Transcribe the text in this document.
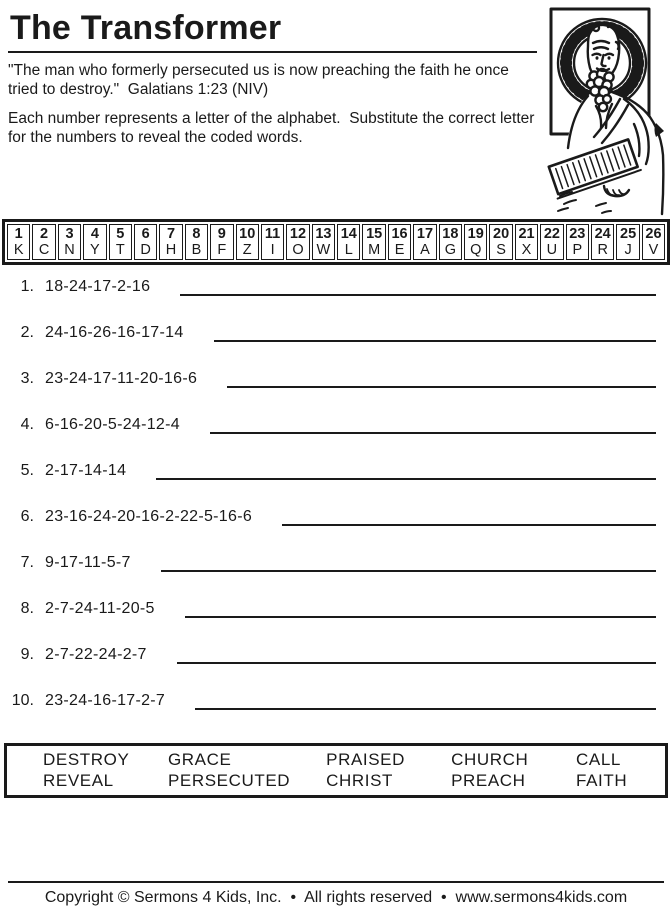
The Transformer
"The man who formerly persecuted us is now preaching the faith he once
tried to destroy."  Galatians 1:23 (NIV)
Each number represents a letter of the alphabet.  Substitute the correct letter
for the numbers to reveal the coded words.
1
K
2
C
3
N
4
Y
5
T
6
D
7
H
8
B
9
F
10
Z
11
I
12
O
13
W
14
L
15
M
16
E
17
A
18
G
19
Q
20
S
21
X
22
U
23
P
24
R
25
J
26
V
1. 18-24-17-2-16
2. 24-16-26-16-17-14
3. 23-24-17-11-20-16-6
4. 6-16-20-5-24-12-4
5. 2-17-14-14
6. 23-16-24-20-16-2-22-5-16-6
7. 9-17-11-5-7
8. 2-7-24-11-20-5
9. 2-7-22-24-2-7
10. 23-24-16-17-2-7
DESTROY	GRACE	PRAISED	CHURCH	CALL
REVEAL	PERSECUTED	CHRIST	PREACH	FAITH
Copyright © Sermons 4 Kids, Inc.  •  All rights reserved  •  www.sermons4kids.com
